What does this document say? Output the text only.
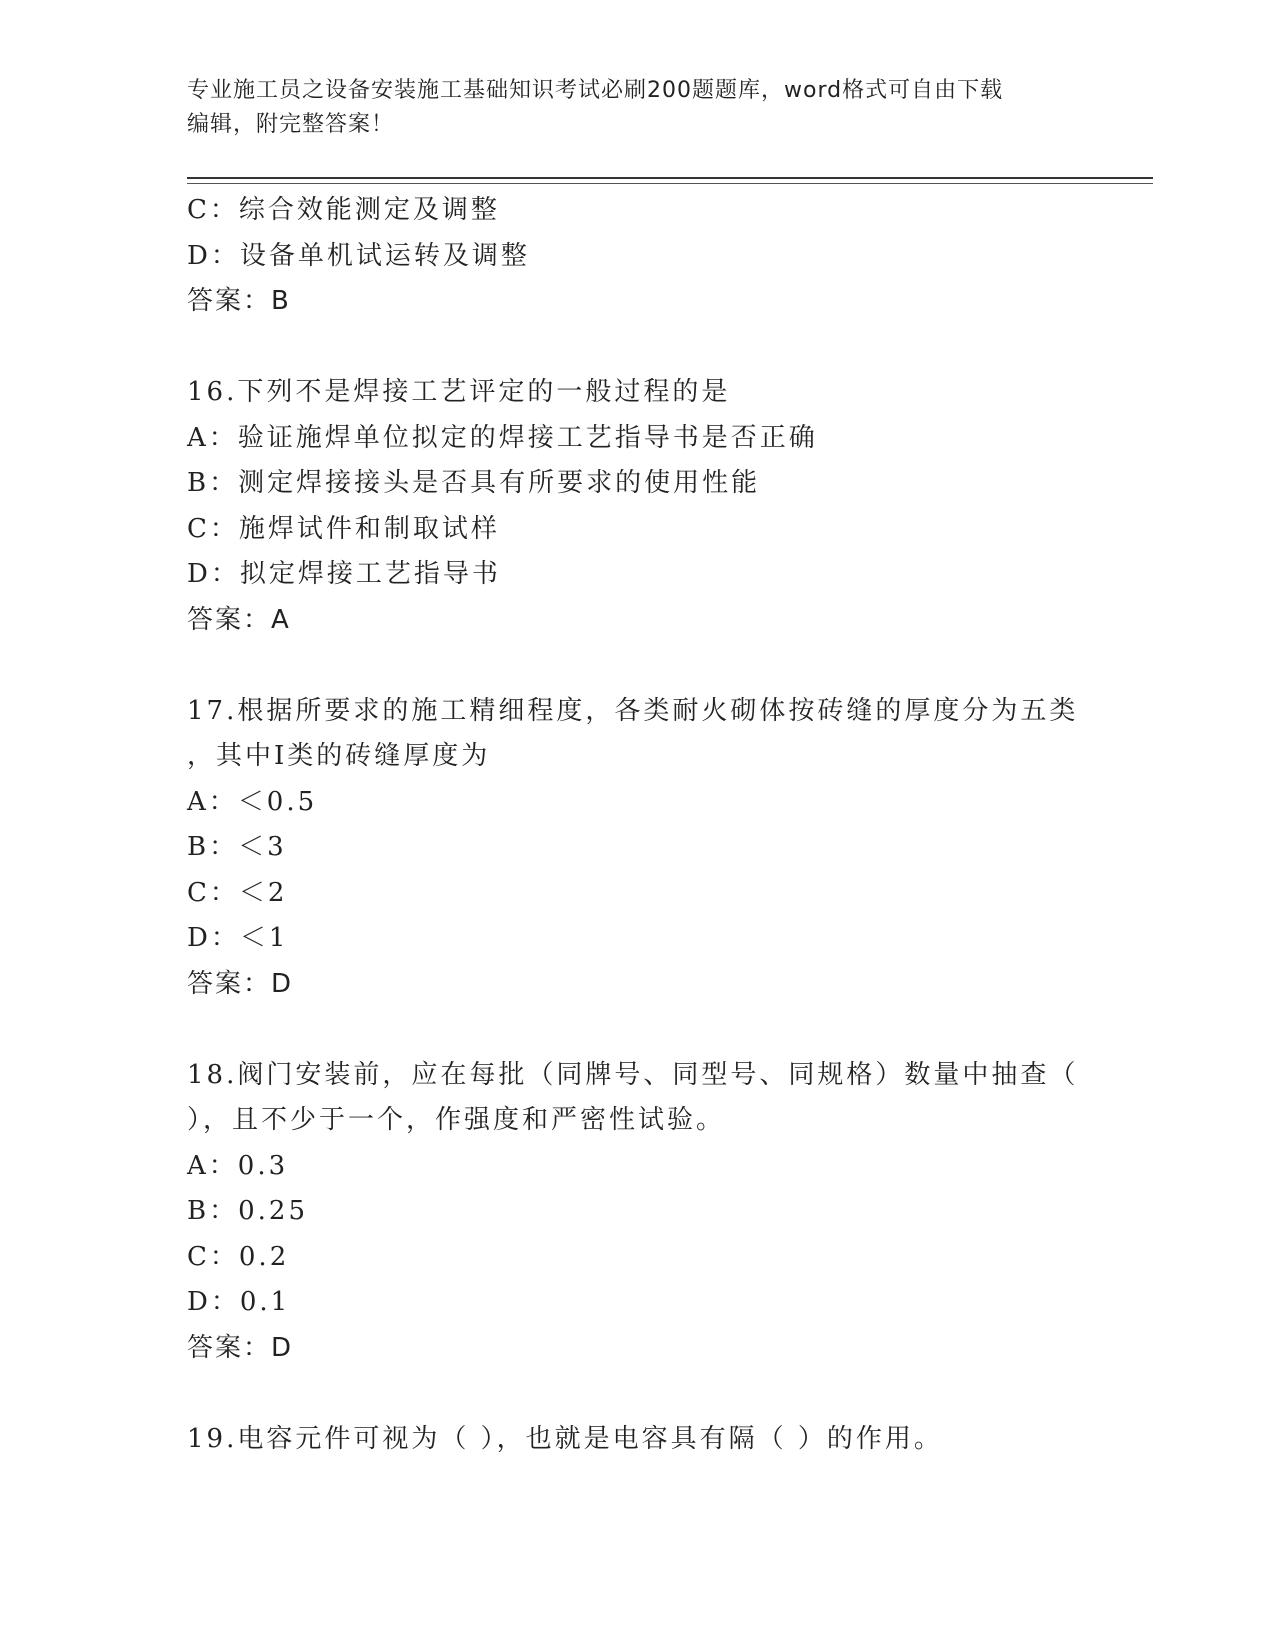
专业施工员之设备安装施工基础知识考试必刷200题题库，word格式可自由下载
编辑，附完整答案！
C：综合效能测定及调整
D：设备单机试运转及调整
答案：B
16.下列不是焊接工艺评定的一般过程的是
A：验证施焊单位拟定的焊接工艺指导书是否正确
B：测定焊接接头是否具有所要求的使用性能
C：施焊试件和制取试样
D：拟定焊接工艺指导书
答案：A
17.根据所要求的施工精细程度，各类耐火砌体按砖缝的厚度分为五类
，其中Ⅰ类的砖缝厚度为
A：＜0.5
B：＜3
C：＜2
D：＜1
答案：D
18.阀门安装前，应在每批（同牌号、同型号、同规格）数量中抽查（
），且不少于一个，作强度和严密性试验。
A：0.3
B：0.25
C：0.2
D：0.1
答案：D
19.电容元件可视为（ ），也就是电容具有隔（ ）的作用。
